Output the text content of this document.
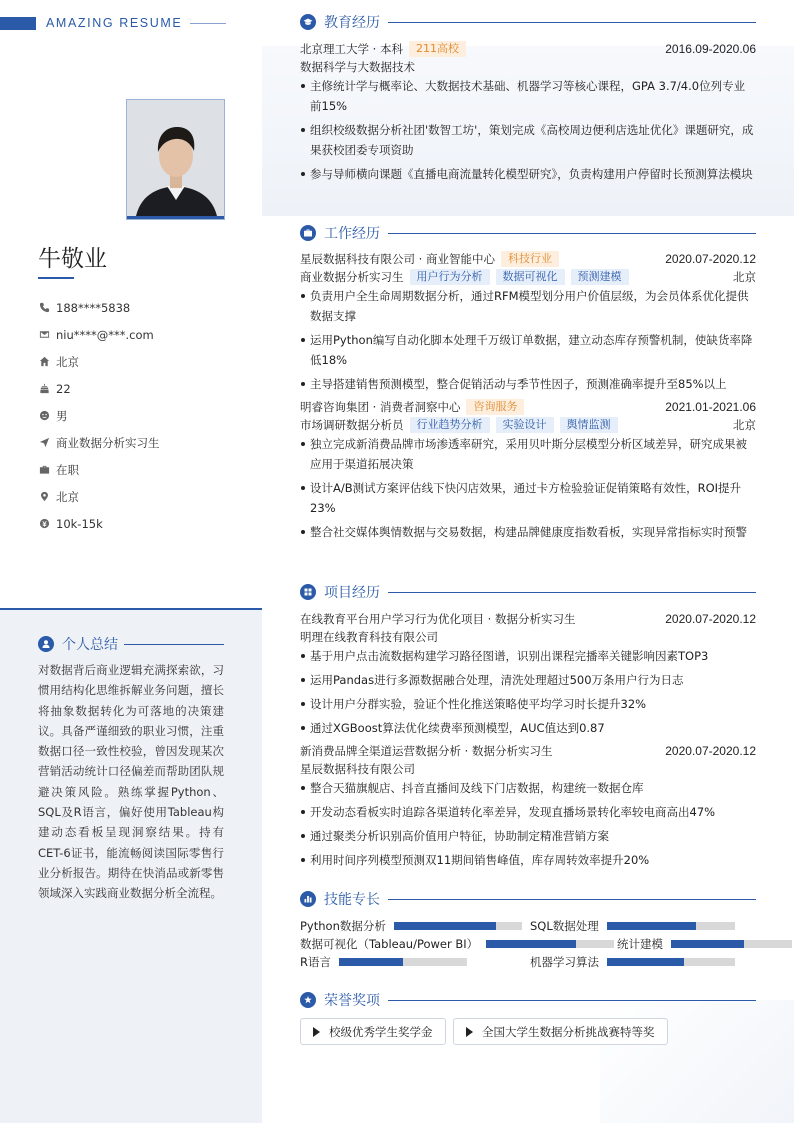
AMAZING RESUME
牛敬业
188****5838
niu****@***.com
北京
22
男
商业数据分析实习生
在职
北京
10k-15k
个人总结
对数据背后商业逻辑充满探索欲，习惯用结构化思维拆解业务问题，擅长将抽象数据转化为可落地的决策建议。具备严谨细致的职业习惯，注重数据口径一致性校验，曾因发现某次营销活动统计口径偏差而帮助团队规避决策风险。熟练掌握Python、SQL及R语言，偏好使用Tableau构建动态看板呈现洞察结果。持有CET-6证书，能流畅阅读国际零售行业分析报告。期待在快消品或新零售领域深入实践商业数据分析全流程。
教育经历
北京理工大学 · 本科	211高校	2016.09-2020.06
数据科学与大数据技术
主修统计学与概率论、大数据技术基础、机器学习等核心课程，GPA 3.7/4.0位列专业前15%
组织校级数据分析社团'数智工坊'，策划完成《高校周边便利店选址优化》课题研究，成果获校团委专项资助
参与导师横向课题《直播电商流量转化模型研究》，负责构建用户停留时长预测算法模块
工作经历
星辰数据科技有限公司 · 商业智能中心	科技行业	2020.07-2020.12
商业数据分析实习生	用户行为分析	数据可视化	预测建模	北京
负责用户全生命周期数据分析，通过RFM模型划分用户价值层级，为会员体系优化提供数据支撑
运用Python编写自动化脚本处理千万级订单数据，建立动态库存预警机制，使缺货率降低18%
主导搭建销售预测模型，整合促销活动与季节性因子，预测准确率提升至85%以上
明睿咨询集团 · 消费者洞察中心	咨询服务	2021.01-2021.06
市场调研数据分析员	行业趋势分析	实验设计	舆情监测	北京
独立完成新消费品牌市场渗透率研究，采用贝叶斯分层模型分析区域差异，研究成果被应用于渠道拓展决策
设计A/B测试方案评估线下快闪店效果，通过卡方检验验证促销策略有效性，ROI提升23%
整合社交媒体舆情数据与交易数据，构建品牌健康度指数看板，实现异常指标实时预警
项目经历
在线教育平台用户学习行为优化项目 · 数据分析实习生	2020.07-2020.12
明理在线教育科技有限公司
基于用户点击流数据构建学习路径图谱，识别出课程完播率关键影响因素TOP3
运用Pandas进行多源数据融合处理，清洗处理超过500万条用户行为日志
设计用户分群实验，验证个性化推送策略使平均学习时长提升32%
通过XGBoost算法优化续费率预测模型，AUC值达到0.87
新消费品牌全渠道运营数据分析 · 数据分析实习生	2020.07-2020.12
星辰数据科技有限公司
整合天猫旗舰店、抖音直播间及线下门店数据，构建统一数据仓库
开发动态看板实时追踪各渠道转化率差异，发现直播场景转化率较电商高出47%
通过聚类分析识别高价值用户特征，协助制定精准营销方案
利用时间序列模型预测双11期间销售峰值，库存周转效率提升20%
技能专长
Python数据分析	SQL数据处理
数据可视化（Tableau/Power BI）	统计建模
R语言	机器学习算法
荣誉奖项
校级优秀学生奖学金	全国大学生数据分析挑战赛特等奖
